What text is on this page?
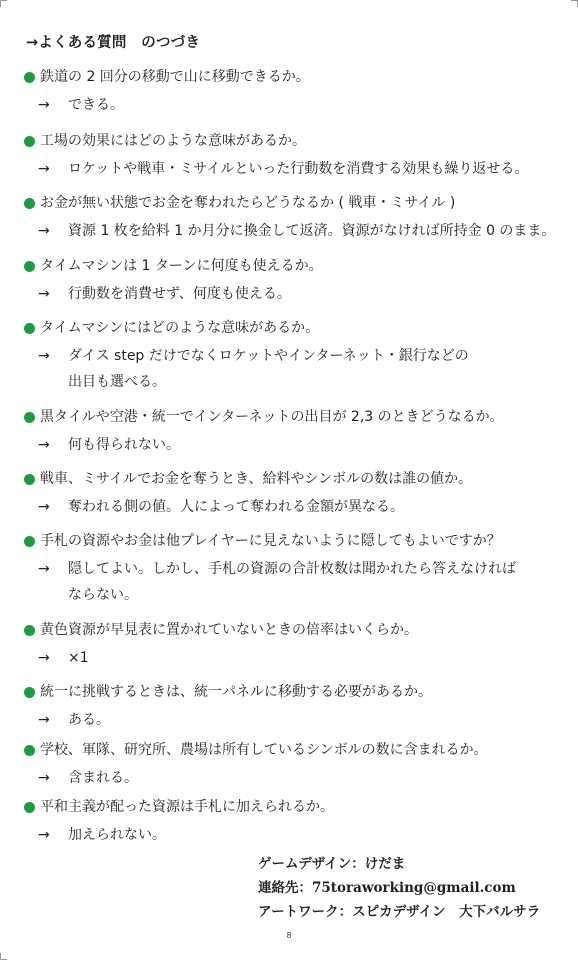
→よくある質問　のつづき
鉄道の 2 回分の移動で山に移動できるか。
→ できる。
工場の効果にはどのような意味があるか。
→ ロケットや戦車・ミサイルといった行動数を消費する効果も繰り返せる。
お金が無い状態でお金を奪われたらどうなるか ( 戦車・ミサイル )
→ 資源 1 枚を給料 1 か月分に換金して返済。資源がなければ所持金 0 のまま。
タイムマシンは 1 ターンに何度も使えるか。
→ 行動数を消費せず、何度も使える。
タイムマシンにはどのような意味があるか。
→ ダイス step だけでなくロケットやインターネット・銀行などの
出目も選べる。
黒タイルや空港・統一でインターネットの出目が 2,3 のときどうなるか。
→ 何も得られない。
戦車、ミサイルでお金を奪うとき、給料やシンボルの数は誰の値か。
→ 奪われる側の値。人によって奪われる金額が異なる。
手札の資源やお金は他プレイヤーに見えないように隠してもよいですか？
→ 隠してよい。しかし、手札の資源の合計枚数は聞かれたら答えなければ
ならない。
黄色資源が早見表に置かれていないときの倍率はいくらか。
→ ×1
統一に挑戦するときは、統一パネルに移動する必要があるか。
→ ある。
学校、軍隊、研究所、農場は所有しているシンボルの数に含まれるか。
→ 含まれる。
平和主義が配った資源は手札に加えられるか。
→ 加えられない。
ゲームデザイン：けだま
連絡先：75toraworking@gmail.com
アートワーク：スピカデザイン　大下バルサラ
8
